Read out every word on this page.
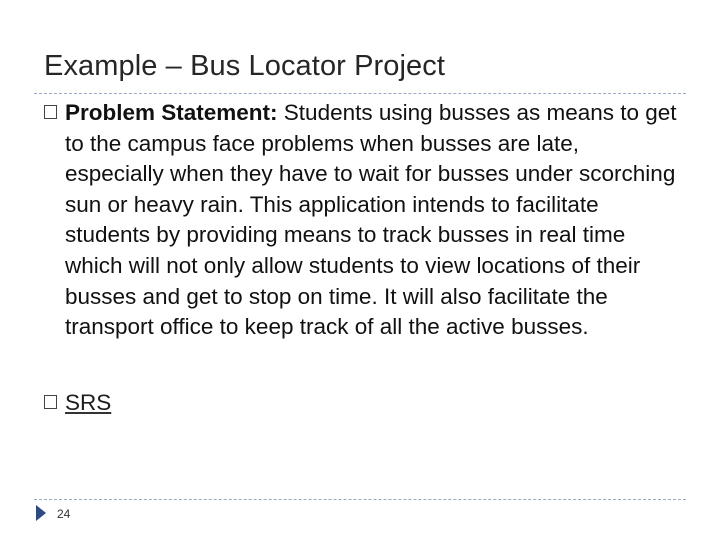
Example – Bus Locator Project
Problem Statement: Students using busses as means to get to the campus face problems when busses are late, especially when they have to wait for busses under scorching sun or heavy rain. This application intends to facilitate students by providing means to track busses in real time which will not only allow students to view locations of their busses and get to stop on time. It will also facilitate the transport office to keep track of all the active busses.
SRS
24
